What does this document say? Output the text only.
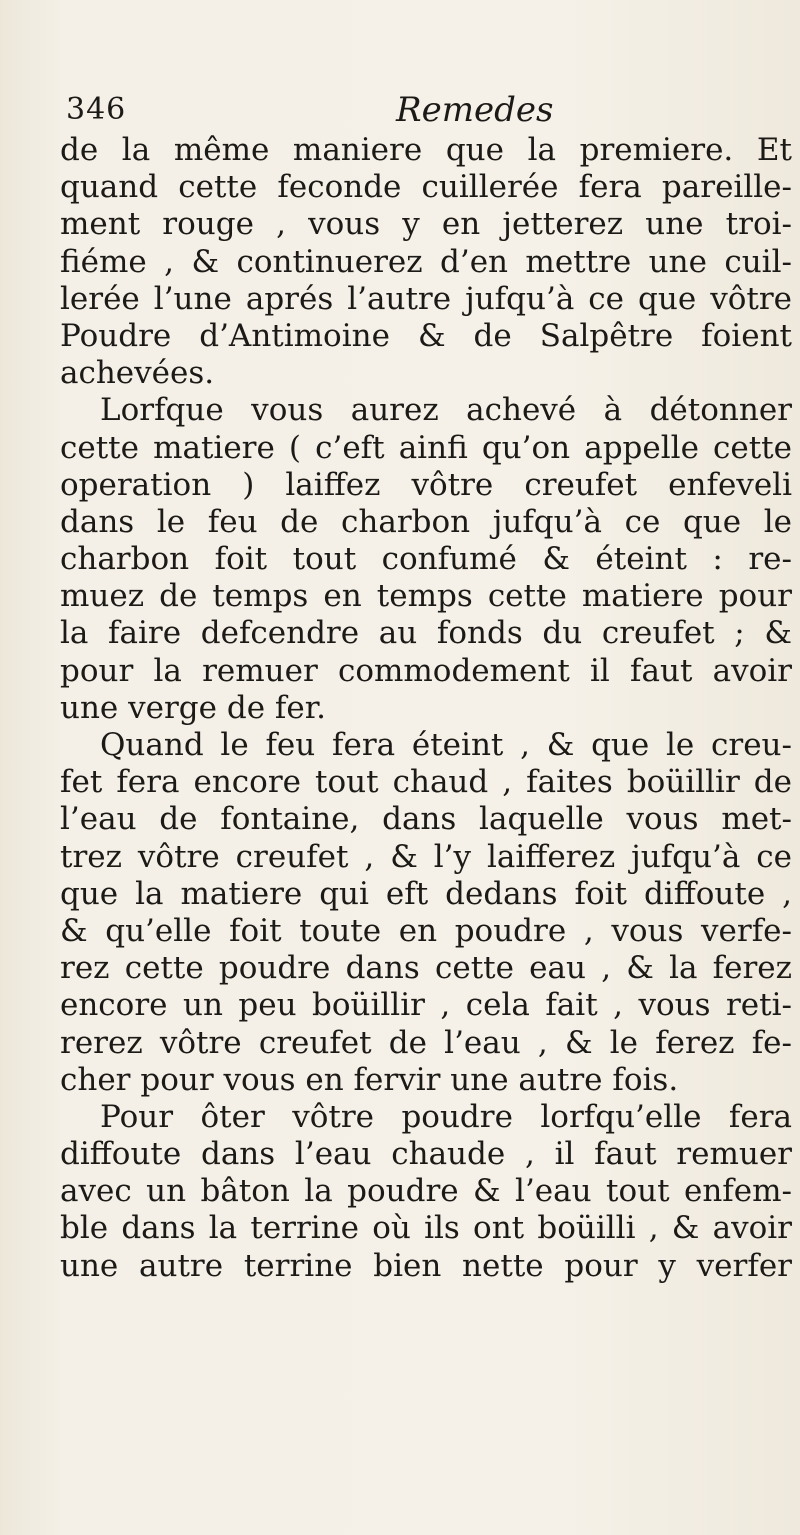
346	Remedes
de la même maniere que la premiere. Et
quand cette feconde cuillerée fera pareille-
ment rouge , vous y en jetterez une troi-
fiéme , & continuerez d’en mettre une cuil-
lerée l’une aprés l’autre jufqu’à ce que vôtre
Poudre d’Antimoine & de Salpêtre foient
achevées.
Lorfque vous aurez achevé à détonner
cette matiere ( c’eft ainfi qu’on appelle cette
operation ) laiffez vôtre creufet enfeveli
dans le feu de charbon jufqu’à ce que le
charbon foit tout confumé & éteint : re-
muez de temps en temps cette matiere pour
la faire defcendre au fonds du creufet ; &
pour la remuer commodement il faut avoir
une verge de fer.
Quand le feu fera éteint , & que le creu-
fet fera encore tout chaud , faites boüillir de
l’eau de fontaine, dans laquelle vous met-
trez vôtre creufet , & l’y laifferez jufqu’à ce
que la matiere qui eft dedans foit diffoute ,
& qu’elle foit toute en poudre , vous verfe-
rez cette poudre dans cette eau , & la ferez
encore un peu boüillir , cela fait , vous reti-
rerez vôtre creufet de l’eau , & le ferez fe-
cher pour vous en fervir une autre fois.
Pour ôter vôtre poudre lorfqu’elle fera
diffoute dans l’eau chaude , il faut remuer
avec un bâton la poudre & l’eau tout enfem-
ble dans la terrine où ils ont boüilli , & avoir
une autre terrine bien nette pour y verfer
